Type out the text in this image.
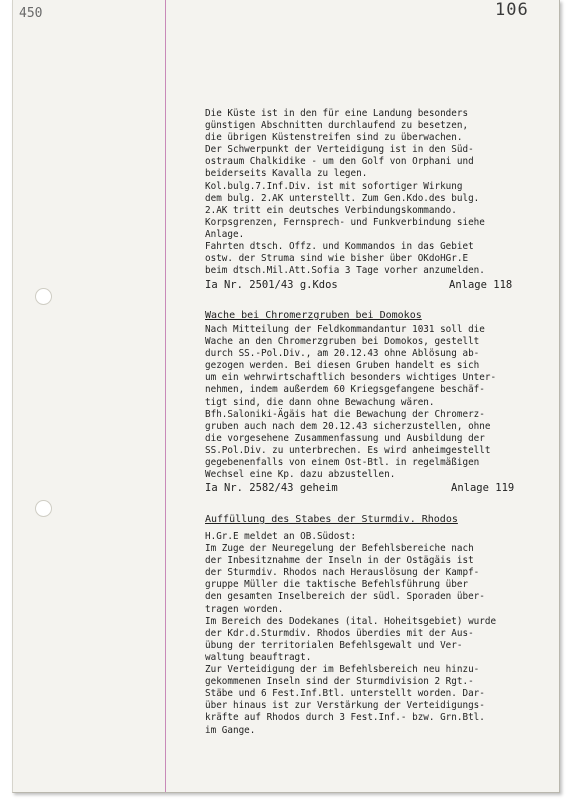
450	106
Die Küste ist in den für eine Landung besonders
günstigen Abschnitten durchlaufend zu besetzen,
die übrigen Küstenstreifen sind zu überwachen.
Der Schwerpunkt der Verteidigung ist in den Süd-
ostraum Chalkidike - um den Golf von Orphani und
beiderseits Kavalla zu legen.
Kol.bulg.7.Inf.Div. ist mit sofortiger Wirkung
dem bulg. 2.AK unterstellt. Zum Gen.Kdo.des bulg.
2.AK tritt ein deutsches Verbindungskommando.
Korpsgrenzen, Fernsprech- und Funkverbindung siehe
Anlage.
Fahrten dtsch. Offz. und Kommandos in das Gebiet
ostw. der Struma sind wie bisher über OKdoHGr.E
beim dtsch.Mil.Att.Sofia 3 Tage vorher anzumelden.
Ia Nr. 2501/43 g.Kdos	Anlage 118
Wache bei Chromerzgruben bei Domokos
Nach Mitteilung der Feldkommandantur 1031 soll die
Wache an den Chromerzgruben bei Domokos, gestellt
durch SS.-Pol.Div., am 20.12.43 ohne Ablösung ab-
gezogen werden. Bei diesen Gruben handelt es sich
um ein wehrwirtschaftlich besonders wichtiges Unter-
nehmen, indem außerdem 60 Kriegsgefangene beschäf-
tigt sind, die dann ohne Bewachung wären.
Bfh.Saloniki-Ägäis hat die Bewachung der Chromerz-
gruben auch nach dem 20.12.43 sicherzustellen, ohne
die vorgesehene Zusammenfassung und Ausbildung der
SS.Pol.Div. zu unterbrechen. Es wird anheimgestellt
gegebenenfalls von einem Ost-Btl. in regelmäßigen
Wechsel eine Kp. dazu abzustellen.
Ia Nr. 2582/43 geheim	Anlage 119
Auffüllung des Stabes der Sturmdiv. Rhodos
H.Gr.E meldet an OB.Südost:
Im Zuge der Neuregelung der Befehlsbereiche nach
der Inbesitznahme der Inseln in der Ostägäis ist
der Sturmdiv. Rhodos nach Herauslösung der Kampf-
gruppe Müller die taktische Befehlsführung über
den gesamten Inselbereich der südl. Sporaden über-
tragen worden.
Im Bereich des Dodekanes (ital. Hoheitsgebiet) wurde
der Kdr.d.Sturmdiv. Rhodos überdies mit der Aus-
übung der territorialen Befehlsgewalt und Ver-
waltung beauftragt.
Zur Verteidigung der im Befehlsbereich neu hinzu-
gekommenen Inseln sind der Sturmdivision 2 Rgt.-
Stäbe und 6 Fest.Inf.Btl. unterstellt worden. Dar-
über hinaus ist zur Verstärkung der Verteidigungs-
kräfte auf Rhodos durch 3 Fest.Inf.- bzw. Grn.Btl.
im Gange.
